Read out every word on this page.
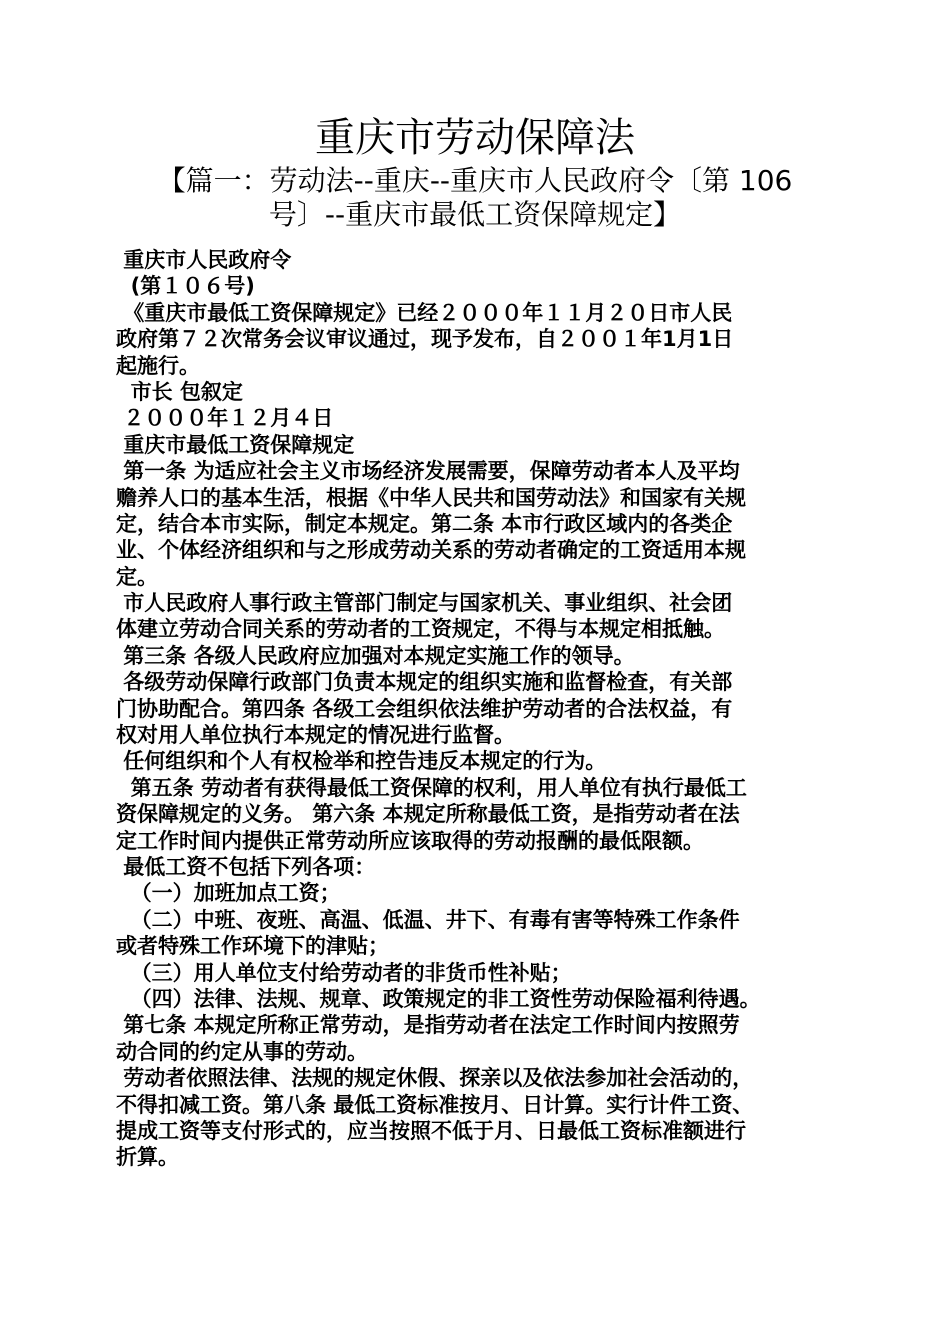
重庆市劳动保障法
【篇一：劳动法--重庆--重庆市人民政府令〔第 106
号〕--重庆市最低工资保障规定】
重庆市人民政府令
(第１０６号)
《重庆市最低工资保障规定》已经２０００年１１月２０日市人民
政府第７２次常务会议审议通过，现予发布，自２００１年1月1日
起施行。
市长 包叙定
２０００年１２月４日
重庆市最低工资保障规定
第一条 为适应社会主义市场经济发展需要，保障劳动者本人及平均
赡养人口的基本生活，根据《中华人民共和国劳动法》和国家有关规
定，结合本市实际，制定本规定。第二条 本市行政区域内的各类企
业、个体经济组织和与之形成劳动关系的劳动者确定的工资适用本规
定。
市人民政府人事行政主管部门制定与国家机关、事业组织、社会团
体建立劳动合同关系的劳动者的工资规定，不得与本规定相抵触。
第三条 各级人民政府应加强对本规定实施工作的领导。
各级劳动保障行政部门负责本规定的组织实施和监督检查，有关部
门协助配合。第四条 各级工会组织依法维护劳动者的合法权益，有
权对用人单位执行本规定的情况进行监督。
任何组织和个人有权检举和控告违反本规定的行为。
第五条 劳动者有获得最低工资保障的权利，用人单位有执行最低工
资保障规定的义务。 第六条 本规定所称最低工资，是指劳动者在法
定工作时间内提供正常劳动所应该取得的劳动报酬的最低限额。
最低工资不包括下列各项：
（一）加班加点工资；
（二）中班、夜班、高温、低温、井下、有毒有害等特殊工作条件
或者特殊工作环境下的津贴；
（三）用人单位支付给劳动者的非货币性补贴；
（四）法律、法规、规章、政策规定的非工资性劳动保险福利待遇。
第七条 本规定所称正常劳动，是指劳动者在法定工作时间内按照劳
动合同的约定从事的劳动。
劳动者依照法律、法规的规定休假、探亲以及依法参加社会活动的，
不得扣减工资。第八条 最低工资标准按月、日计算。实行计件工资、
提成工资等支付形式的，应当按照不低于月、日最低工资标准额进行
折算。
